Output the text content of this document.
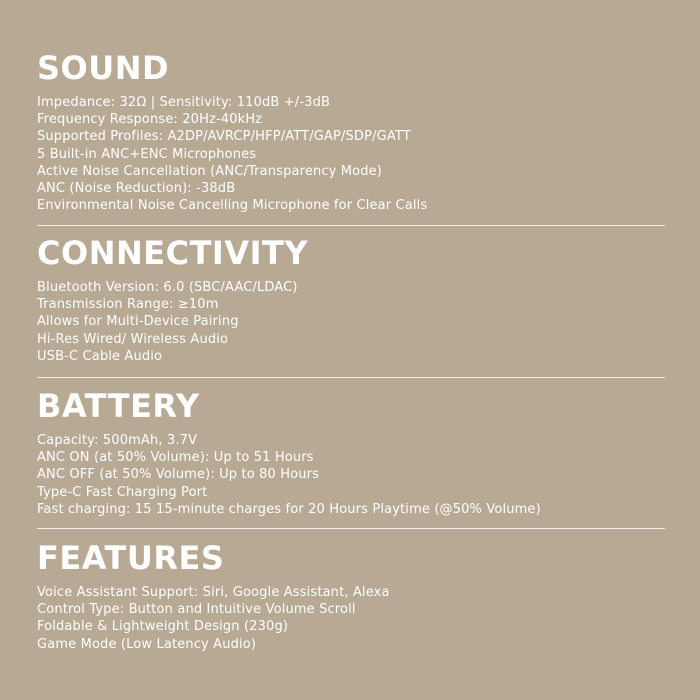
SOUND
Impedance: 32Ω | Sensitivity: 110dB +/-3dB
Frequency Response: 20Hz-40kHz
Supported Profiles: A2DP/AVRCP/HFP/ATT/GAP/SDP/GATT
5 Built-in ANC+ENC Microphones
Active Noise Cancellation (ANC/Transparency Mode)
ANC (Noise Reduction): -38dB
Environmental Noise Cancelling Microphone for Clear Calls
CONNECTIVITY
Bluetooth Version: 6.0 (SBC/AAC/LDAC)
Transmission Range: ≥10m
Allows for Multi-Device Pairing
Hi-Res Wired/ Wireless Audio
USB-C Cable Audio
BATTERY
Capacity: 500mAh, 3.7V
ANC ON (at 50% Volume): Up to 51 Hours
ANC OFF (at 50% Volume): Up to 80 Hours
Type-C Fast Charging Port
Fast charging: 15 15-minute charges for 20 Hours Playtime (@50% Volume)
FEATURES
Voice Assistant Support: Siri, Google Assistant, Alexa
Control Type: Button and Intuitive Volume Scroll
Foldable & Lightweight Design (230g)
Game Mode (Low Latency Audio)
